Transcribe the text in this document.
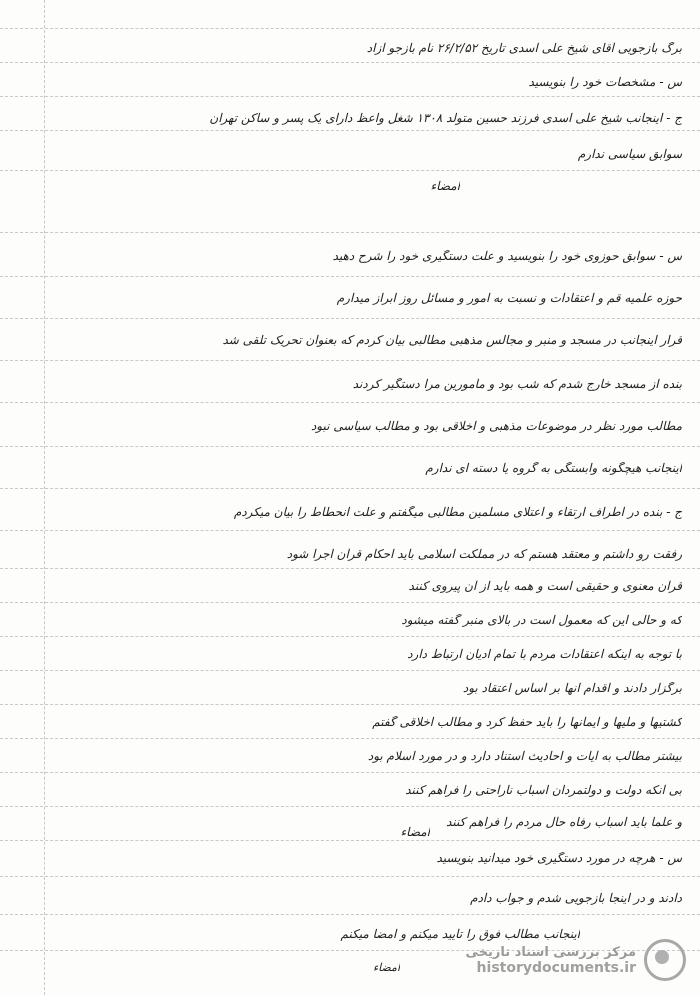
برگ بازجویی آقای شیخ علی اسدی تاریخ ۲۶/۲/۵۲ نام بازجو آزاد
س - مشخصات خود را بنویسید
ج - اینجانب شیخ علی اسدی فرزند حسین متولد ۱۳۰۸ شغل واعظ دارای یک پسر و ساکن تهران
سوابق سیاسی ندارم
امضاء
س - سوابق حوزوی خود را بنویسید و علت دستگیری خود را شرح دهید
حوزه علمیه قم و اعتقادات و نسبت به امور و مسائل روز ابراز میدارم
قرار اینجانب در مسجد و منبر و مجالس مذهبی مطالبی بیان کردم که بعنوان تحریک تلقی شد
بنده از مسجد خارج شدم که شب بود و مأمورین مرا دستگیر کردند
مطالب مورد نظر در موضوعات مذهبی و اخلاقی بود و مطالب سیاسی نبود
اینجانب هیچگونه وابستگی به گروه یا دسته ای ندارم
ج - بنده در اطراف ارتقاء و اعتلای مسلمین مطالبی میگفتم و علت انحطاط را بیان میکردم
رفقت رو داشتم و معتقد هستم که در مملکت اسلامی باید احکام قرآن اجرا شود
قرآن معنوی و حقیقی است و همه باید از آن پیروی کنند
که و حالی این که معمول است در بالای منبر گفته میشود
با توجه به اینکه اعتقادات مردم با تمام ادیان ارتباط دارد
برگزار دادند و اقدام آنها بر اساس اعتقاد بود
کشتیها و ملیها و ایمانها را باید حفظ کرد و مطالب اخلاقی گفتم
بیشتر مطالب به آیات و احادیث استناد دارد و در مورد اسلام بود
بی آنکه دولت و دولتمردان اسباب ناراحتی را فراهم کنند
و علما باید اسباب رفاه حال مردم را فراهم کنند
امضاء
س - هرچه در مورد دستگیری خود میدانید بنویسید
دادند و در اینجا بازجویی شدم و جواب دادم
اینجانب مطالب فوق را تأیید میکنم و امضا میکنم
امضاء
مرکز بررسی اسناد تاریخی
historydocuments.ir
